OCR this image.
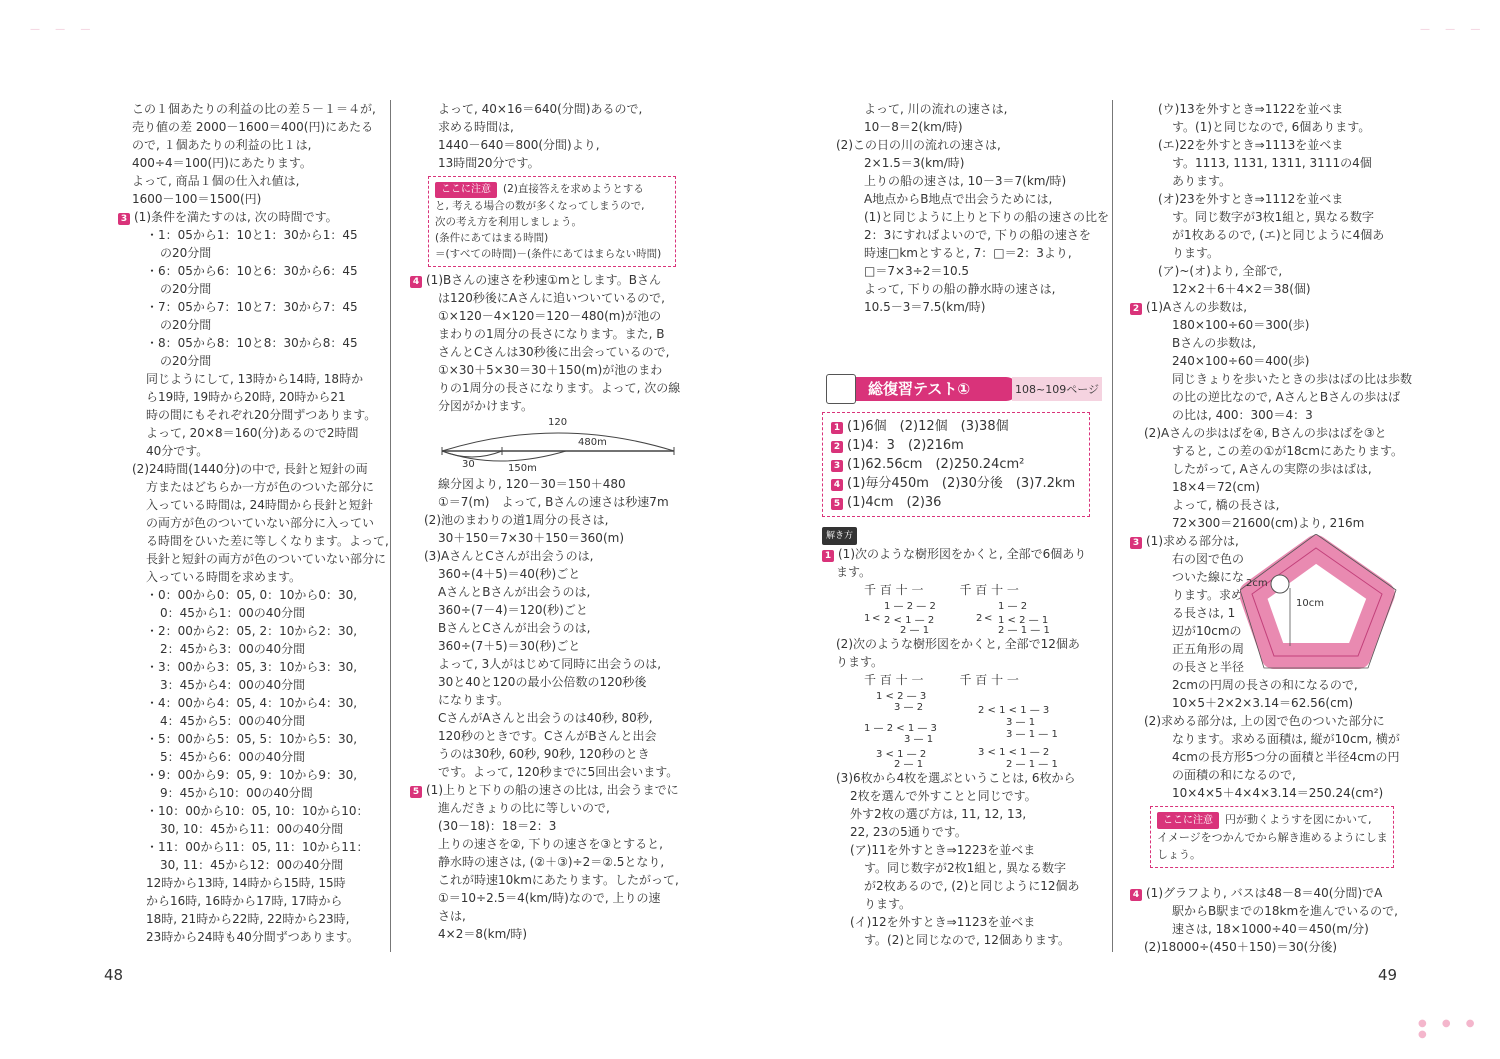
— — —	— — —
● ● ● ●

この１個あたりの利益の比の差５－１＝４が,

売り値の差 2000－1600＝400(円)にあたる

ので, １個あたりの利益の比１は,

400÷4＝100(円)にあたります。

よって, 商品１個の仕入れ値は,

1600－100＝1500(円)

3 (1)条件を満たすのは, 次の時間です。

・1：05から1：10と1：30から1：45

の20分間

・6：05から6：10と6：30から6：45

の20分間

・7：05から7：10と7：30から7：45

の20分間

・8：05から8：10と8：30から8：45

の20分間

同じようにして, 13時から14時, 18時か

ら19時, 19時から20時, 20時から21

時の間にもそれぞれ20分間ずつあります。

よって, 20×8＝160(分)あるので2時間

40分です。

(2)24時間(1440分)の中で, 長針と短針の両

方またはどちらか一方が色のついた部分に

入っている時間は, 24時間から長針と短針

の両方が色のついていない部分に入ってい

る時間をひいた差に等しくなります。よって,

長針と短針の両方が色のついていない部分に

入っている時間を求めます。

・0：00から0：05, 0：10から0：30,

0：45から1：00の40分間

・2：00から2：05, 2：10から2：30,

2：45から3：00の40分間

・3：00から3：05, 3：10から3：30,

3：45から4：00の40分間

・4：00から4：05, 4：10から4：30,

4：45から5：00の40分間

・5：00から5：05, 5：10から5：30,

5：45から6：00の40分間

・9：00から9：05, 9：10から9：30,

9：45から10：00の40分間

・10：00から10：05, 10：10から10：

30, 10：45から11：00の40分間

・11：00から11：05, 11：10から11：

30, 11：45から12：00の40分間

12時から13時, 14時から15時, 15時

から16時, 16時から17時, 17時から

18時, 21時から22時, 22時から23時,

23時から24時も40分間ずつあります。

よって, 40×16＝640(分間)あるので,

求める時間は,

1440－640＝800(分間)より,

13時間20分です。

ここに注意 (2)直接答えを求めようとする

と, 考える場合の数が多くなってしまうので,

次の考え方を利用しましょう。

(条件にあてはまる時間)

＝(すべての時間)－(条件にあてはまらない時間)

4 (1)Bさんの速さを秒速①mとします。Bさん

は120秒後にAさんに追いついているので,

①×120－4×120＝120－480(m)が池の

まわりの1周分の長さになります。また, B

さんとCさんは30秒後に出会っているので,

①×30＋5×30＝30＋150(m)が池のまわ

りの1周分の長さになります。よって, 次の線

分図がかけます。

120
480m
30	150m

線分図より, 120－30＝150＋480

①＝7(m)　よって, Bさんの速さは秒速7m

(2)池のまわりの道1周分の長さは,

30＋150＝7×30＋150＝360(m)

(3)AさんとCさんが出会うのは,

360÷(4＋5)＝40(秒)ごと

AさんとBさんが出会うのは,

360÷(7－4)＝120(秒)ごと

BさんとCさんが出会うのは,

360÷(7＋5)＝30(秒)ごと

よって, 3人がはじめて同時に出会うのは,

30と40と120の最小公倍数の120秒後

になります。

CさんがAさんと出会うのは40秒, 80秒,

120秒のときです。CさんがBさんと出会

うのは30秒, 60秒, 90秒, 120秒のとき

です。よって, 120秒までに5回出会います。

5 (1)上りと下りの船の速さの比は, 出会うまでに

進んだきょりの比に等しいので,

(30－18)：18＝2：3

上りの速さを②, 下りの速さを③とすると,

静水時の速さは, (②＋③)÷2＝②.5となり,

これが時速10kmにあたります。したがって,

①＝10÷2.5＝4(km/時)なので, 上りの速

さは,

4×2＝8(km/時)

48

よって, 川の流れの速さは,

10－8＝2(km/時)

(2)この日の川の流れの速さは,

2×1.5＝3(km/時)

上りの船の速さは, 10－3＝7(km/時)

A地点からB地点で出会うためには,

(1)と同じように上りと下りの船の速さの比を

2：3にすればよいので, 下りの船の速さを

時速□kmとすると, 7：□＝2：3より,

□＝7×3÷2＝10.5

よって, 下りの船の静水時の速さは,

10.5－3＝7.5(km/時)

総復習テスト①	108~109ページ

1 (1)6個　(2)12個　(3)38個

2 (1)4：3　(2)216m

3 (1)62.56cm　(2)250.24cm²

4 (1)毎分450m　(2)30分後　(3)7.2km

5 (1)4cm　(2)36

解き方

1 (1)次のような樹形図をかくと, 全部で6個あり

ます。

千 百 十 一　　　千 百 十 一

1 <
1 — 2 — 2
2 < 1 — 2
2 — 1
2 <
1 — 2
1 < 2 — 1
2 — 1 — 1

(2)次のような樹形図をかくと, 全部で12個あ

ります。

千 百 十 一　　　千 百 十 一

1 < 2 — 3
3 — 2
1 — 2 < 1 — 3
3 — 1
3 < 1 — 2
2 — 1
2 < 1 < 1 — 3
3 — 1
3 — 1 — 1
3 < 1 < 1 — 2
2 — 1 — 1

(3)6枚から4枚を選ぶということは, 6枚から

2枚を選んで外すことと同じです。

外す2枚の選び方は, 11, 12, 13,

22, 23の5通りです。

(ア)11を外すとき⇒1223を並べま

す。同じ数字が2枚1組と, 異なる数字

が2枚あるので, (2)と同じように12個あ

ります。

(イ)12を外すとき⇒1123を並べま

す。(2)と同じなので, 12個あります。

(ウ)13を外すとき⇒1122を並べま

す。(1)と同じなので, 6個あります。

(エ)22を外すとき⇒1113を並べま

す。1113, 1131, 1311, 3111の4個

あります。

(オ)23を外すとき⇒1112を並べま

す。同じ数字が3枚1組と, 異なる数字

が1枚あるので, (エ)と同じように4個あ

ります。

(ア)~(オ)より, 全部で,

12×2＋6＋4×2＝38(個)

2 (1)Aさんの歩数は,

180×100÷60＝300(歩)

Bさんの歩数は,

240×100÷60＝400(歩)

同じきょりを歩いたときの歩はばの比は歩数

の比の逆比なので, AさんとBさんの歩はば

の比は, 400：300＝4：3

(2)Aさんの歩はばを④, Bさんの歩はばを③と

すると, この差の①が18cmにあたります。

したがって, Aさんの実際の歩はばは,

18×4＝72(cm)

よって, 橋の長さは,

72×300＝21600(cm)より, 216m

3 (1)求める部分は,

右の図で色の

ついた線にな

ります。求め

る長さは, 1

辺が10cmの

正五角形の周

の長さと半径

2cmの円周の長さの和になるので,

10×5＋2×2×3.14＝62.56(cm)

(2)求める部分は, 上の図で色のついた部分に

なります。求める面積は, 縦が10cm, 横が

4cmの長方形5つ分の面積と半径4cmの円

の面積の和になるので,

10×4×5＋4×4×3.14＝250.24(cm²)

ここに注意 円が動くようすを図にかいて,

イメージをつかんでから解き進めるようにしま

しょう。

4 (1)グラフより, バスは48－8＝40(分間)でA

駅からB駅までの18kmを進んでいるので,

速さは, 18×1000÷40＝450(m/分)

(2)18000÷(450＋150)＝30(分後)

2cm
10cm
49
